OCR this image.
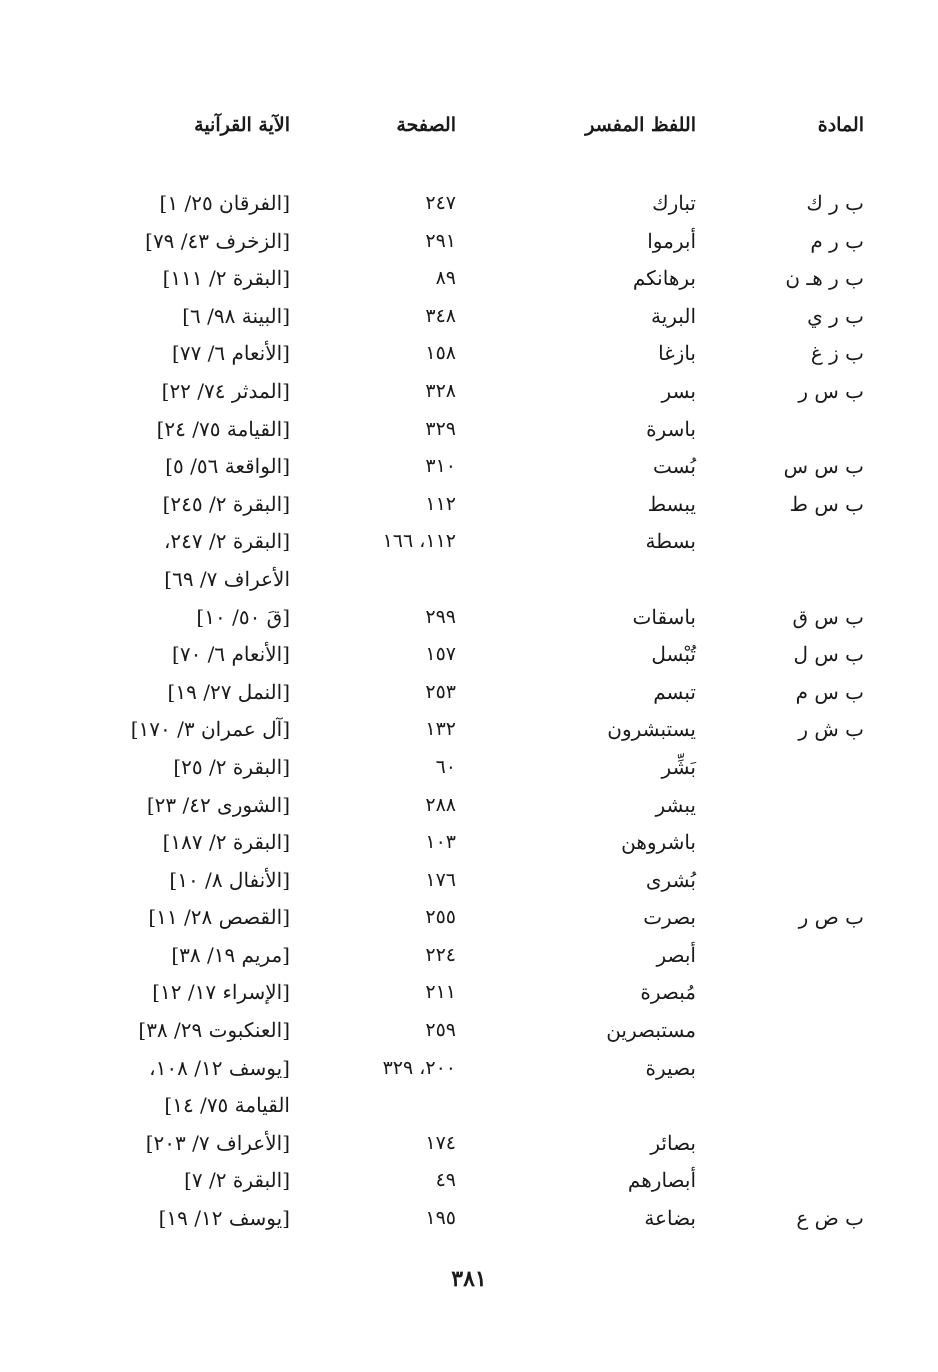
المادة
اللفظ المفسر
الصفحة
الآية القرآنية
ب ر ك
تبارك
٢٤٧
[الفرقان ٢٥/ ١]
ب ر م
أبرموا
٢٩١
[الزخرف ٤٣/ ٧٩]
ب ر هـ ن
برهانكم
٨٩
[البقرة ٢/ ١١١]
ب ر ي
البرية
٣٤٨
[البينة ٩٨/ ٦]
ب ز غ
بازغا
١٥٨
[الأنعام ٦/ ٧٧]
ب س ر
بسر
٣٢٨
[المدثر ٧٤/ ٢٢]
باسرة
٣٢٩
[القيامة ٧٥/ ٢٤]
ب س س
بُست
٣١٠
[الواقعة ٥٦/ ٥]
ب س ط
يبسط
١١٢
[البقرة ٢/ ٢٤٥]
بسطة
١١٢، ١٦٦
[البقرة ٢/ ٢٤٧،
الأعراف ٧/ ٦٩]
ب س ق
باسقات
٢٩٩
[قَ ٥٠/ ١٠]
ب س ل
تُبْسل
١٥٧
[الأنعام ٦/ ٧٠]
ب س م
تبسم
٢٥٣
[النمل ٢٧/ ١٩]
ب ش ر
يستبشرون
١٣٢
[آل عمران ٣/ ١٧٠]
بَشِّر
٦٠
[البقرة ٢/ ٢٥]
يبشر
٢٨٨
[الشورى ٤٢/ ٢٣]
باشروهن
١٠٣
[البقرة ٢/ ١٨٧]
بُشرى
١٧٦
[الأنفال ٨/ ١٠]
ب ص ر
بصرت
٢٥٥
[القصص ٢٨/ ١١]
أبصر
٢٢٤
[مريم ١٩/ ٣٨]
مُبصرة
٢١١
[الإسراء ١٧/ ١٢]
مستبصرين
٢٥٩
[العنكبوت ٢٩/ ٣٨]
بصيرة
٢٠٠، ٣٢٩
[يوسف ١٢/ ١٠٨،
القيامة ٧٥/ ١٤]
بصائر
١٧٤
[الأعراف ٧/ ٢٠٣]
أبصارهم
٤٩
[البقرة ٢/ ٧]
ب ض ع
بضاعة
١٩٥
[يوسف ١٢/ ١٩]
٣٨١
